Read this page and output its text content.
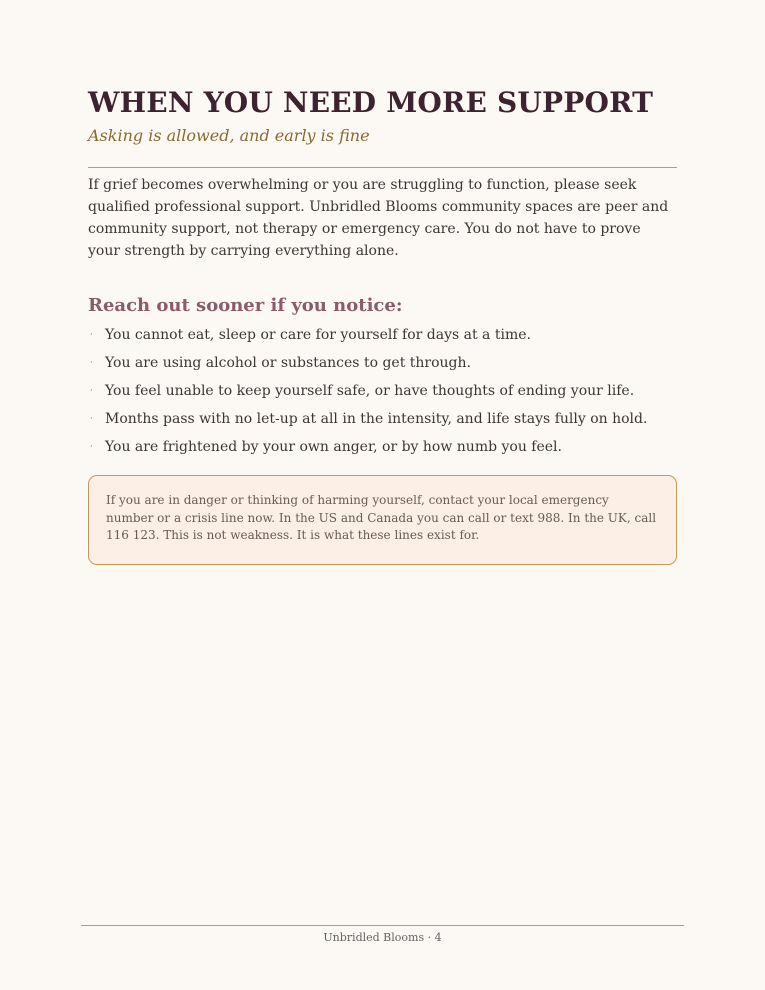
WHEN YOU NEED MORE SUPPORT

Asking is allowed, and early is fine

If grief becomes overwhelming or you are struggling to function, please seek qualified professional support. Unbridled Blooms community spaces are peer and community support, not therapy or emergency care. You do not have to prove your strength by carrying everything alone.

Reach out sooner if you notice:
· You cannot eat, sleep or care for yourself for days at a time.
· You are using alcohol or substances to get through.
· You feel unable to keep yourself safe, or have thoughts of ending your life.
· Months pass with no let-up at all in the intensity, and life stays fully on hold.
· You are frightened by your own anger, or by how numb you feel.

If you are in danger or thinking of harming yourself, contact your local emergency number or a crisis line now. In the US and Canada you can call or text 988. In the UK, call 116 123. This is not weakness. It is what these lines exist for.

Unbridled Blooms · 4
